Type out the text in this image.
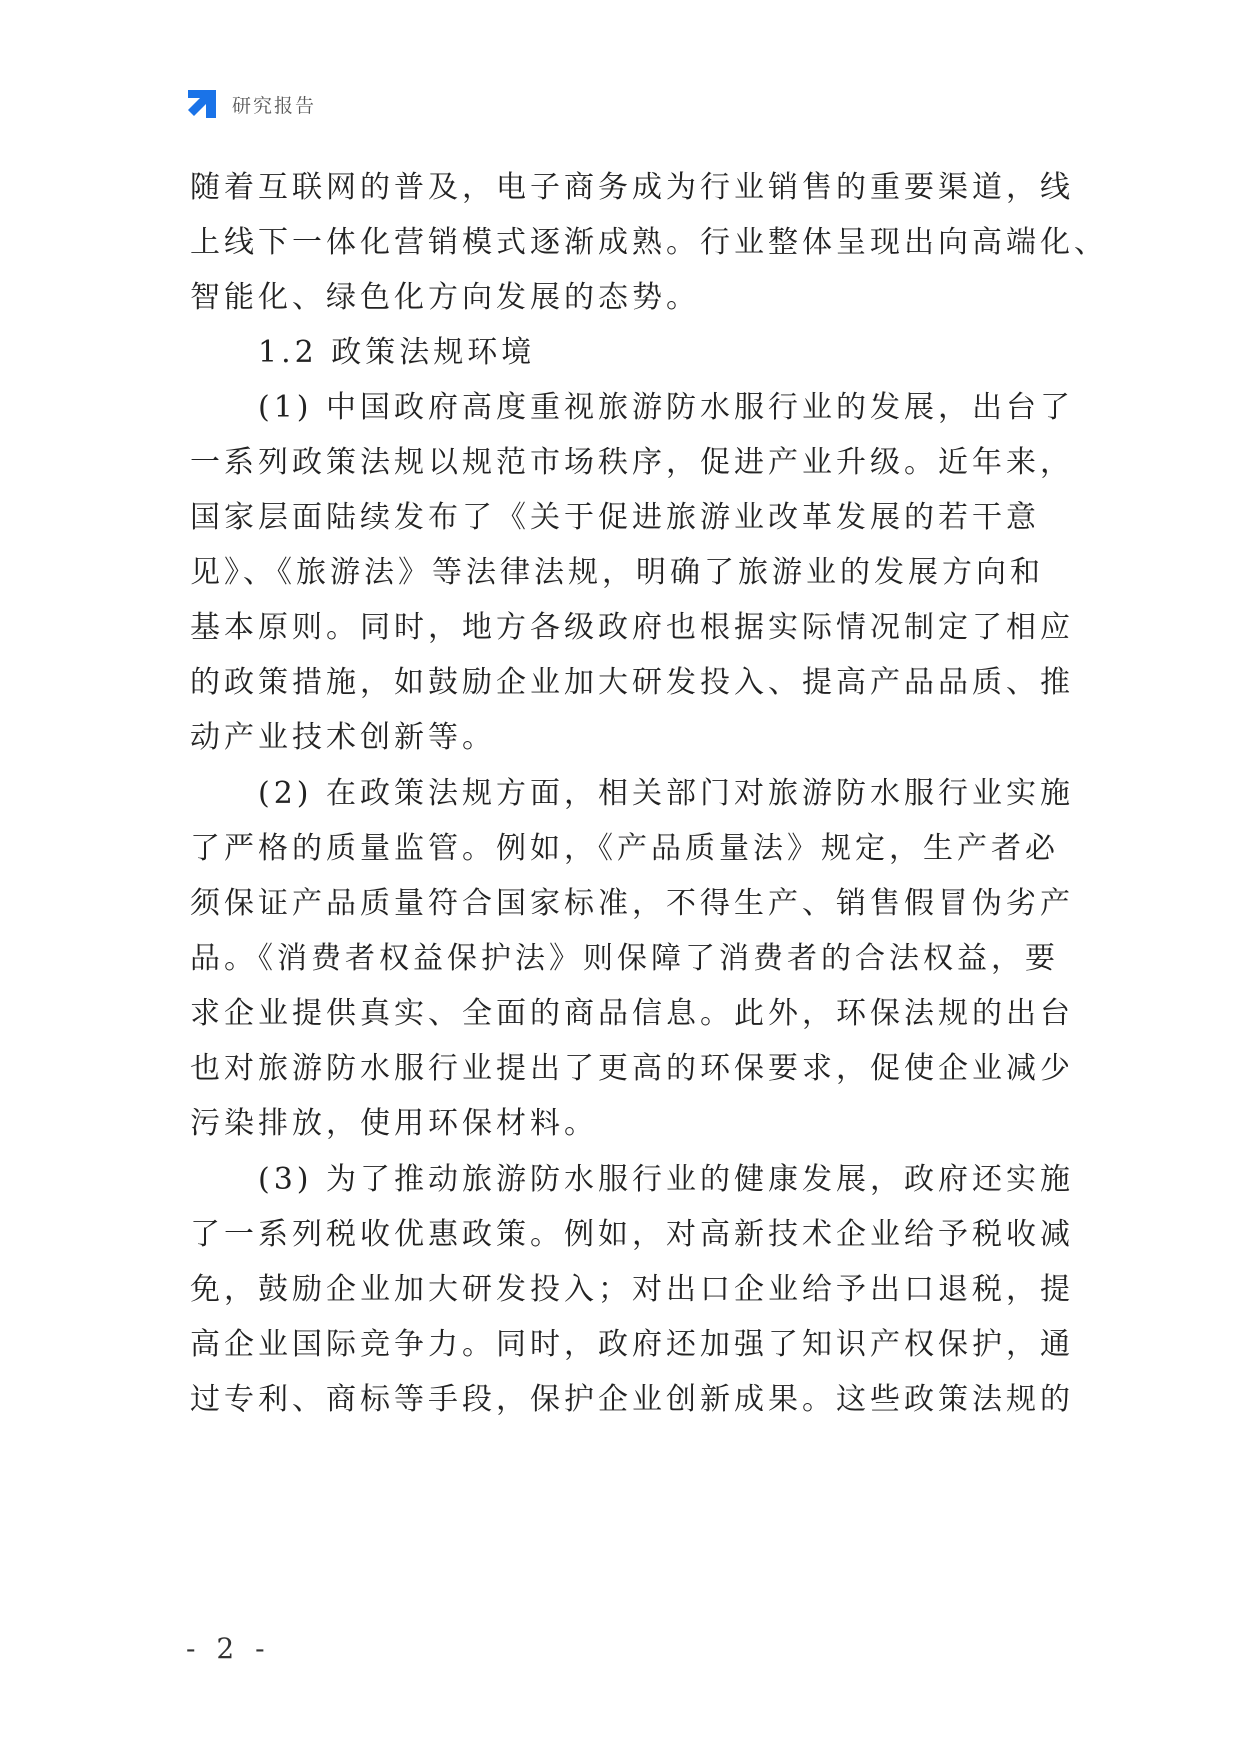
研究报告

随着互联网的普及，电子商务成为行业销售的重要渠道，线

上线下一体化营销模式逐渐成熟。行业整体呈现出向高端化、

智能化、绿色化方向发展的态势。

　　1.2 政策法规环境

　　(1) 中国政府高度重视旅游防水服行业的发展，出台了

一系列政策法规以规范市场秩序，促进产业升级。近年来，

国家层面陆续发布了《关于促进旅游业改革发展的若干意

见》、《旅游法》等法律法规，明确了旅游业的发展方向和

基本原则。同时，地方各级政府也根据实际情况制定了相应

的政策措施，如鼓励企业加大研发投入、提高产品品质、推

动产业技术创新等。

　　(2) 在政策法规方面，相关部门对旅游防水服行业实施

了严格的质量监管。例如，《产品质量法》规定，生产者必

须保证产品质量符合国家标准，不得生产、销售假冒伪劣产

品。《消费者权益保护法》则保障了消费者的合法权益，要

求企业提供真实、全面的商品信息。此外，环保法规的出台

也对旅游防水服行业提出了更高的环保要求，促使企业减少

污染排放，使用环保材料。

　　(3) 为了推动旅游防水服行业的健康发展，政府还实施

了一系列税收优惠政策。例如，对高新技术企业给予税收减

免，鼓励企业加大研发投入；对出口企业给予出口退税，提

高企业国际竞争力。同时，政府还加强了知识产权保护，通

过专利、商标等手段，保护企业创新成果。这些政策法规的

- 2 -
